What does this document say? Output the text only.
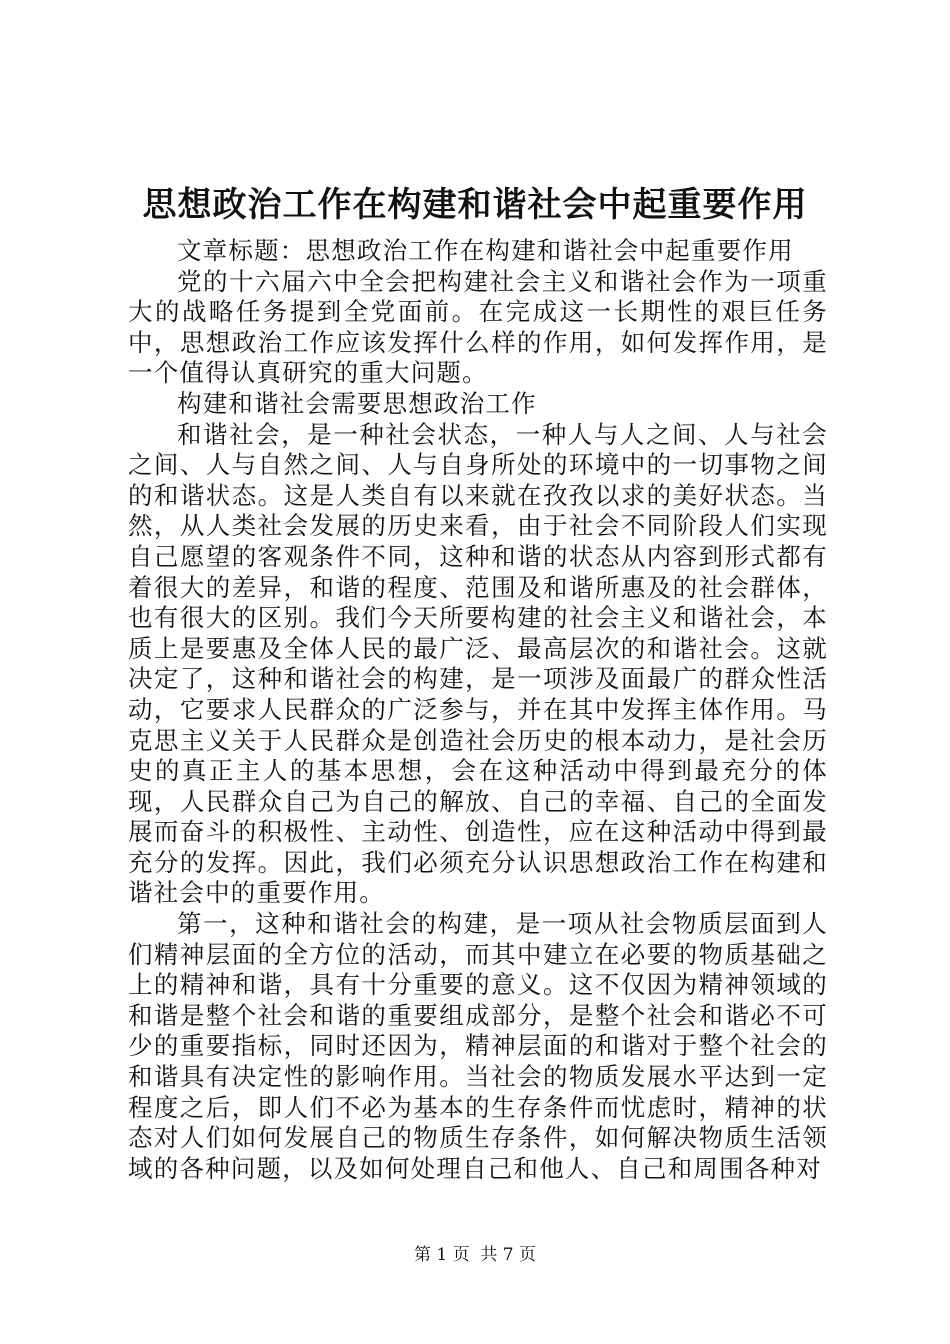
思想政治工作在构建和谐社会中起重要作用

文章标题：思想政治工作在构建和谐社会中起重要作用

党的十六届六中全会把构建社会主义和谐社会作为一项重大的战略任务提到全党面前。在完成这一长期性的艰巨任务中，思想政治工作应该发挥什么样的作用，如何发挥作用，是一个值得认真研究的重大问题。

构建和谐社会需要思想政治工作

和谐社会，是一种社会状态，一种人与人之间、人与社会之间、人与自然之间、人与自身所处的环境中的一切事物之间的和谐状态。这是人类自有以来就在孜孜以求的美好状态。当然，从人类社会发展的历史来看，由于社会不同阶段人们实现自己愿望的客观条件不同，这种和谐的状态从内容到形式都有着很大的差异，和谐的程度、范围及和谐所惠及的社会群体，也有很大的区别。我们今天所要构建的社会主义和谐社会，本质上是要惠及全体人民的最广泛、最高层次的和谐社会。这就决定了，这种和谐社会的构建，是一项涉及面最广的群众性活动，它要求人民群众的广泛参与，并在其中发挥主体作用。马克思主义关于人民群众是创造社会历史的根本动力，是社会历史的真正主人的基本思想，会在这种活动中得到最充分的体现，人民群众自己为自己的解放、自己的幸福、自己的全面发展而奋斗的积极性、主动性、创造性，应在这种活动中得到最充分的发挥。因此，我们必须充分认识思想政治工作在构建和谐社会中的重要作用。

第一，这种和谐社会的构建，是一项从社会物质层面到人们精神层面的全方位的活动，而其中建立在必要的物质基础之上的精神和谐，具有十分重要的意义。这不仅因为精神领域的和谐是整个社会和谐的重要组成部分，是整个社会和谐必不可少的重要指标，同时还因为，精神层面的和谐对于整个社会的和谐具有决定性的影响作用。当社会的物质发展水平达到一定程度之后，即人们不必为基本的生存条件而忧虑时，精神的状态对人们如何发展自己的物质生存条件，如何解决物质生活领域的各种问题，以及如何处理自己和他人、自己和周围各种对

第 1 页  共 7 页
